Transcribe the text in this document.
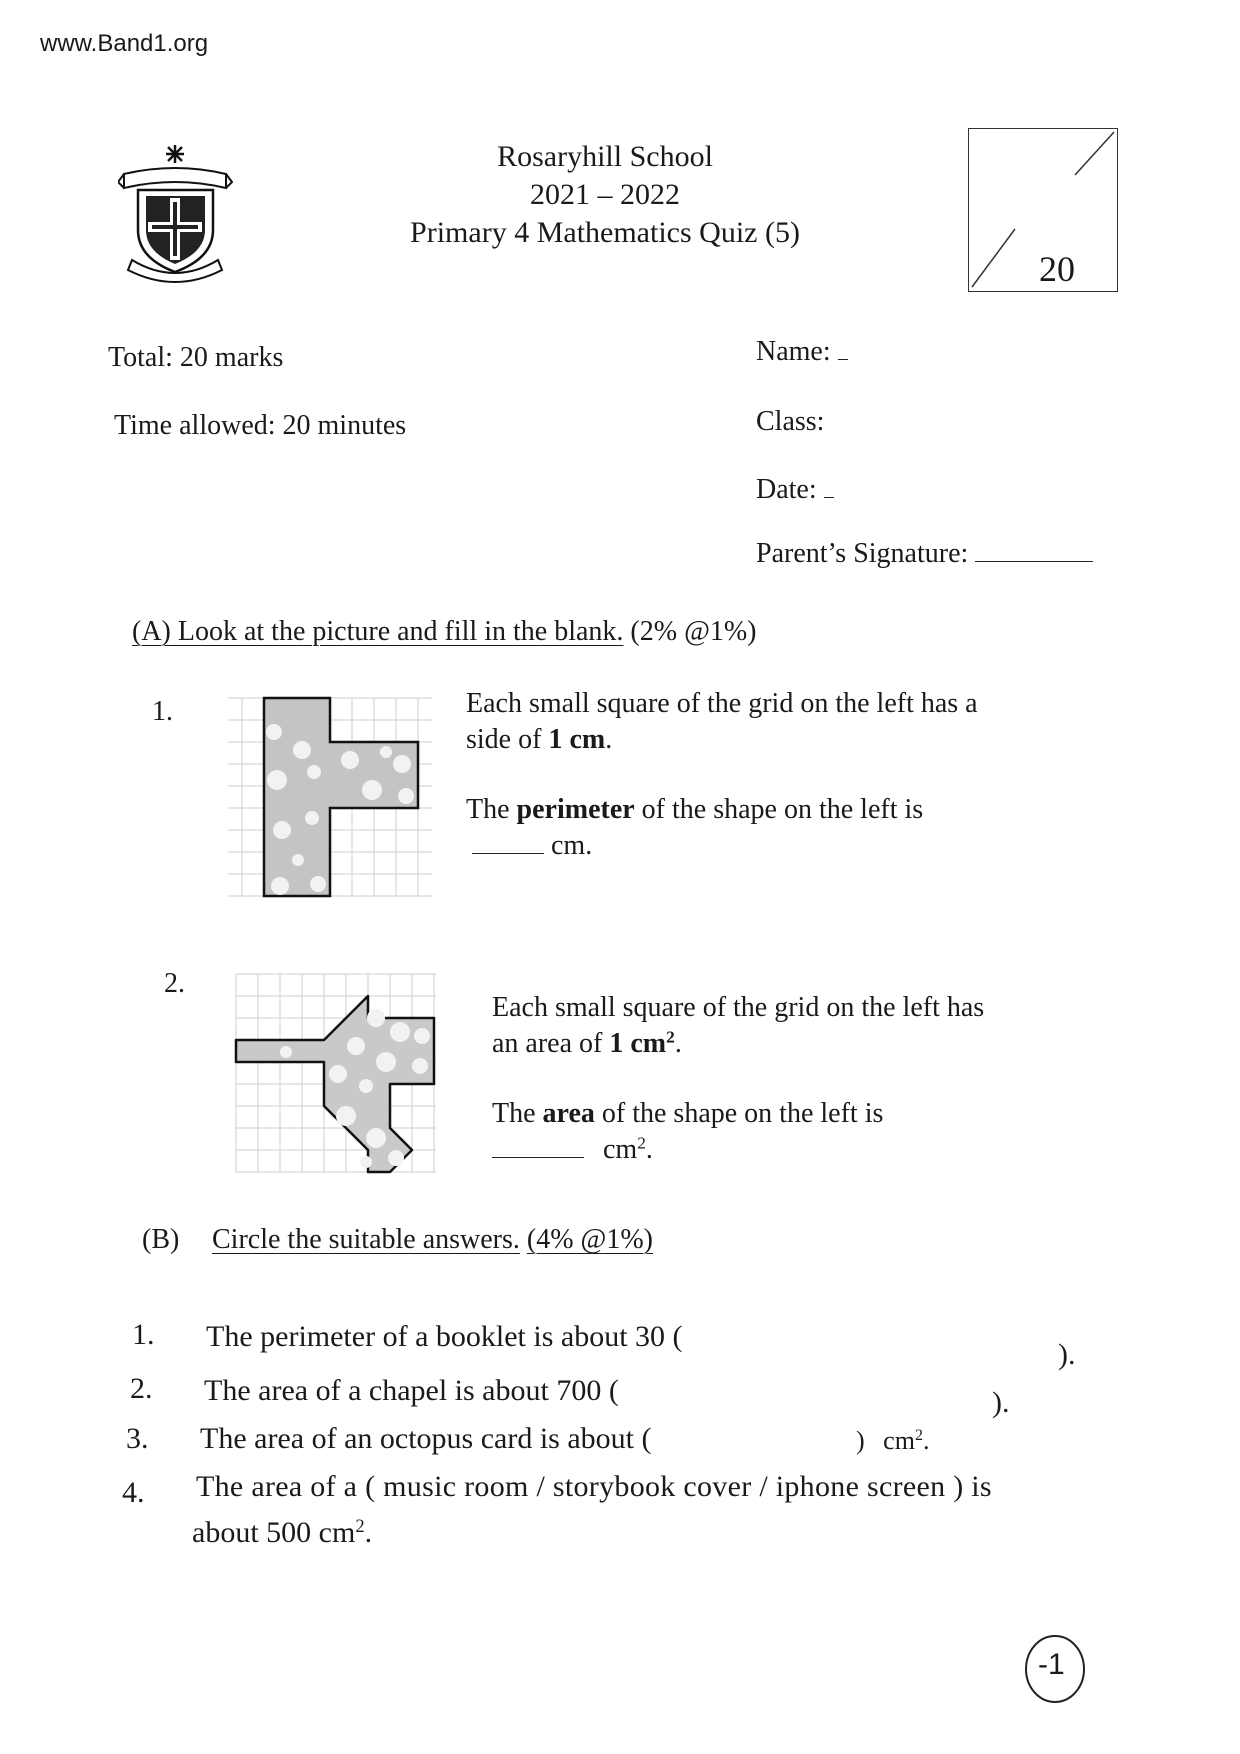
www.Band1.org
Rosaryhill School
2021 – 2022
Primary 4 Mathematics Quiz (5)
20
Total: 20 marks
Time allowed: 20 minutes
Name:
Class:
Date:
Parent’s Signature:
(A) Look at the picture and fill in the blank. (2% @1%)
1.	Each small square of the grid on the left has a
side of 1 cm.
The perimeter of the shape on the left is
cm.
2.
Each small square of the grid on the left has
an area of 1 $cm^2$.
The area of the shape on the left is
$cm^2$.
(B) Circle the suitable answers. (4% @1%)
1. The perimeter of a booklet is about 30 (
).
2. The area of a chapel is about 700 (	).
3. The area of an octopus card is about (	) $cm^2$.
4. The area of a ( music room / storybook cover / iphone screen ) is
about 500 $cm^2$.
-1
